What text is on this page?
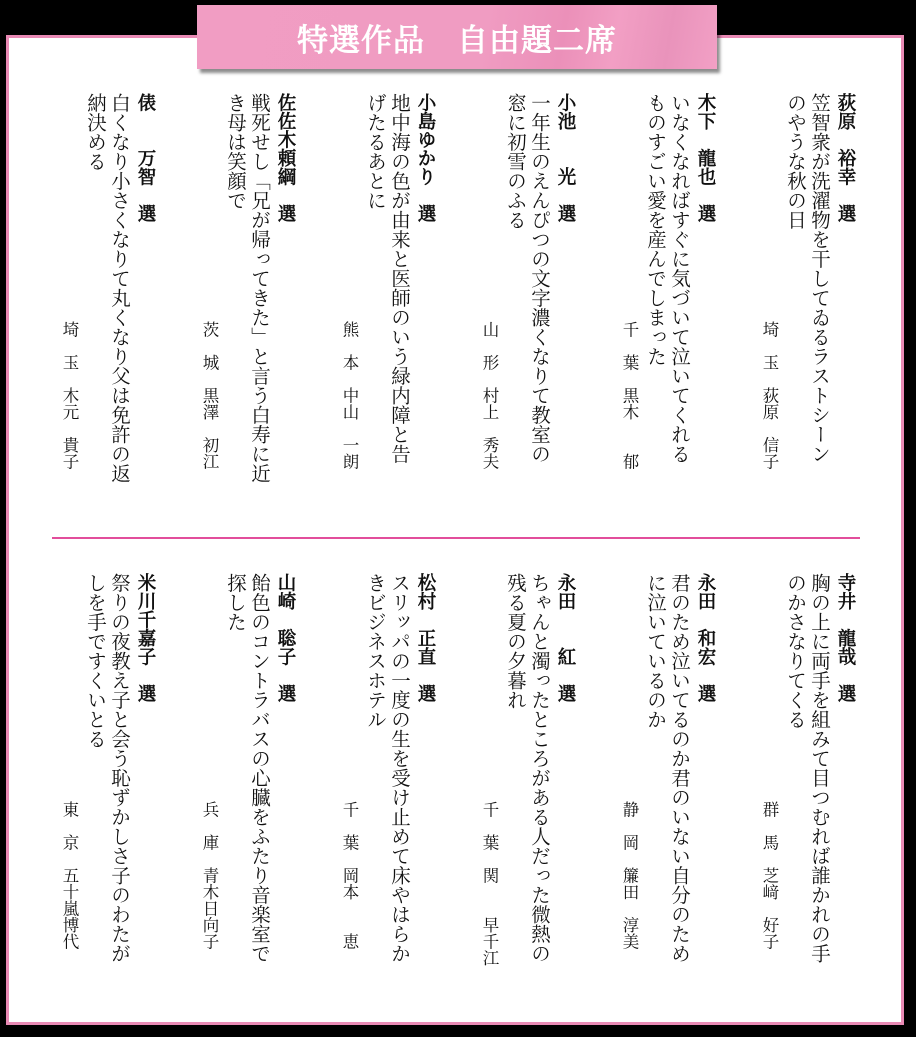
特選作品　自由題二席
荻原　裕幸　選
笠智衆が洗濯物を干してゐるラストシーン
のやうな秋の日
埼　玉　荻原　信子
木下　龍也　選
いなくなればすぐに気づいて泣いてくれる
ものすごい愛を産んでしまった
千　葉　黒木　　郁
小池　　光　選
一年生のえんぴつの文字濃くなりて教室の
窓に初雪のふる
山　形　村上　秀夫
小島ゆかり　選
地中海の色が由来と医師のいう緑内障と告
げたるあとに
熊　本　中山　一朗
佐佐木頼綱　選
戦死せし「兄が帰ってきた」と言う白寿に近
き母は笑顔で
茨　城　黒澤　初江
俵　　万智　選
白くなり小さくなりて丸くなり父は免許の返
納決める
埼　玉　木元　貴子
寺井　龍哉　選
胸の上に両手を組みて目つむれば誰かれの手
のかさなりてくる
群　馬　芝﨑　好子
永田　和宏　選
君のため泣いてるのか君のいない自分のため
に泣いているのか
静　岡　簾田　淳美
永田　　紅　選
ちゃんと濁ったところがある人だった微熱の
残る夏の夕暮れ
千　葉　関　　早千江
松村　正直　選
スリッパの一度の生を受け止めて床やはらか
きビジネスホテル
千　葉　岡本　　恵
山崎　聡子　選
飴色のコントラバスの心臓をふたり音楽室で
探した
兵　庫　青木日向子
米川千嘉子　選
祭りの夜教え子と会う恥ずかしさ子のわたが
しを手ですくいとる
東　京　五十嵐博代
